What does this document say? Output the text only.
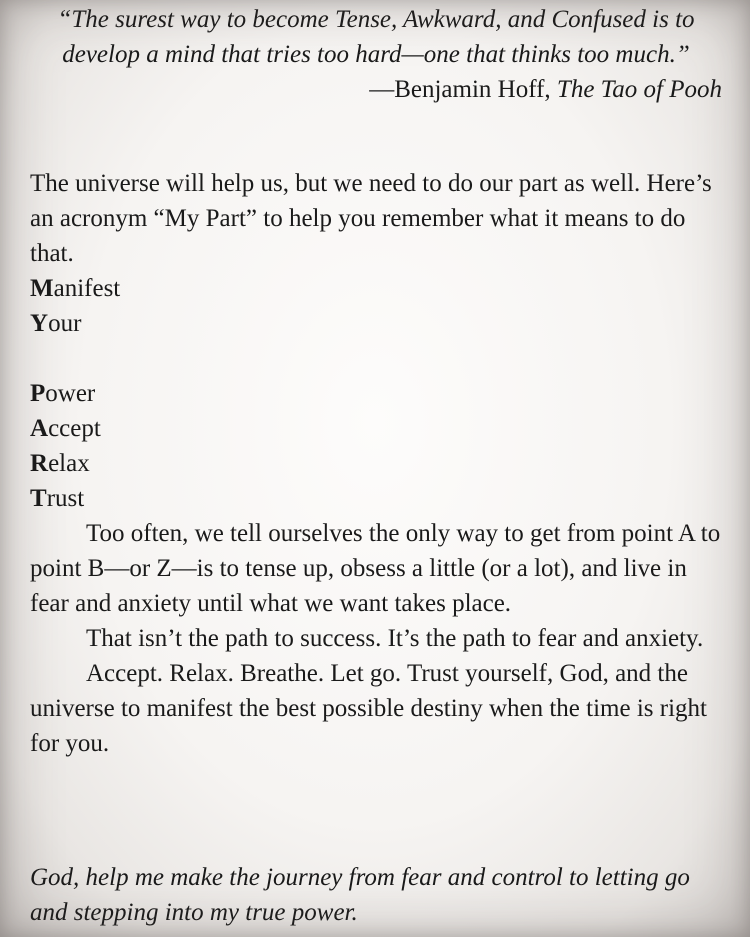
“The surest way to become Tense, Awkward, and Confused is to develop a mind that tries too hard—one that thinks too much.”

—Benjamin Hoff, The Tao of Pooh

The universe will help us, but we need to do our part as well. Here’s an acronym “My Part” to help you remember what it means to do that.

Manifest

Your

Power

Accept

Relax

Trust

Too often, we tell ourselves the only way to get from point A to point B—or Z—is to tense up, obsess a little (or a lot), and live in fear and anxiety until what we want takes place.

That isn’t the path to success. It’s the path to fear and anxiety.

Accept. Relax. Breathe. Let go. Trust yourself, God, and the universe to manifest the best possible destiny when the time is right for you.

God, help me make the journey from fear and control to letting go and stepping into my true power.
